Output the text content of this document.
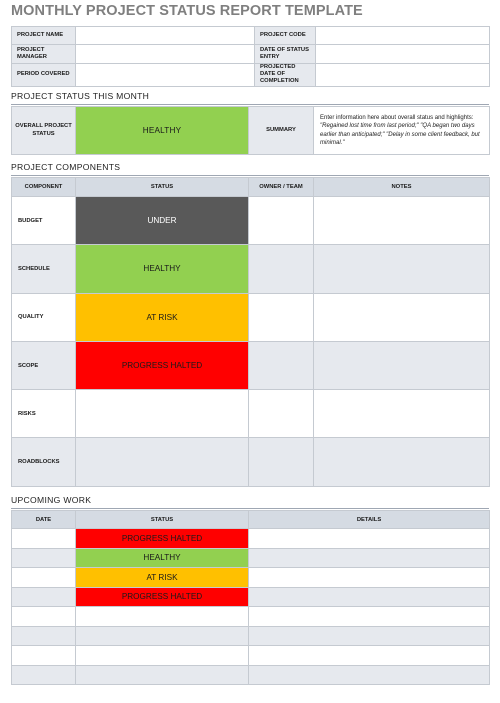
MONTHLY PROJECT STATUS REPORT TEMPLATE
PROJECT NAME		PROJECT CODE	
PROJECT MANAGER		DATE OF STATUS ENTRY	
PERIOD COVERED		PROJECTED DATE OF COMPLETION	
PROJECT STATUS THIS MONTH
OVERALL PROJECT STATUS	HEALTHY	SUMMARY	Enter information here about overall status and highlights: "Regained lost time from last period;" "QA began two days earlier than anticipated;" "Delay in some client feedback, but minimal."
PROJECT COMPONENTS
COMPONENT	STATUS	OWNER / TEAM	NOTES
BUDGET	UNDER		
SCHEDULE	HEALTHY		
QUALITY	AT RISK		
SCOPE	PROGRESS HALTED		
RISKS			
ROADBLOCKS			
UPCOMING WORK
DATE	STATUS	DETAILS
	PROGRESS HALTED	
	HEALTHY	
	AT RISK	
	PROGRESS HALTED	
